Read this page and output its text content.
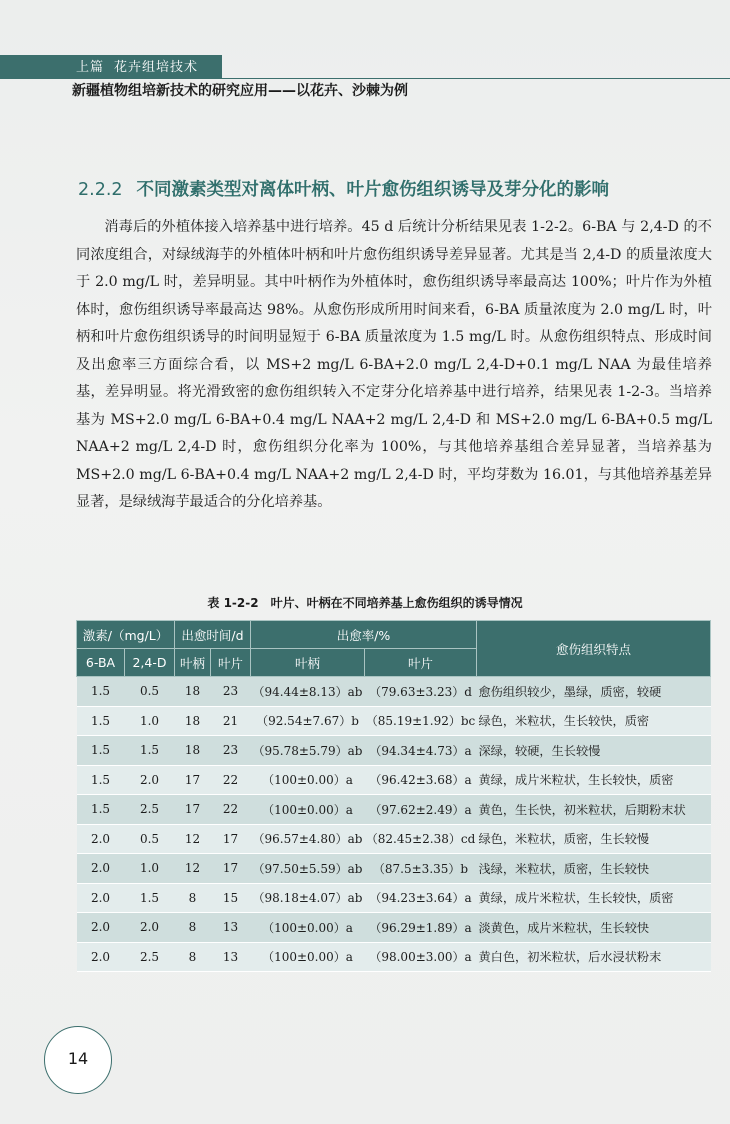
上篇 花卉组培技术
新疆植物组培新技术的研究应用——以花卉、沙棘为例
2.2.2 不同激素类型对离体叶柄、叶片愈伤组织诱导及芽分化的影响

消毒后的外植体接入培养基中进行培养。45 d 后统计分析结果见表 1-2-2。6-BA 与 2,4-D 的不同浓度组合，对绿绒海芋的外植体叶柄和叶片愈伤组织诱导差异显著。尤其是当 2,4-D 的质量浓度大于 2.0 mg/L 时，差异明显。其中叶柄作为外植体时，愈伤组织诱导率最高达 100%；叶片作为外植体时，愈伤组织诱导率最高达 98%。从愈伤形成所用时间来看，6-BA 质量浓度为 2.0 mg/L 时，叶柄和叶片愈伤组织诱导的时间明显短于 6-BA 质量浓度为 1.5 mg/L 时。从愈伤组织特点、形成时间及出愈率三方面综合看，以 MS+2 mg/L 6-BA+2.0 mg/L 2,4-D+0.1 mg/L NAA 为最佳培养基，差异明显。将光滑致密的愈伤组织转入不定芽分化培养基中进行培养，结果见表 1-2-3。当培养基为 MS+2.0 mg/L 6-BA+0.4 mg/L NAA+2 mg/L 2,4-D 和 MS+2.0 mg/L 6-BA+0.5 mg/L NAA+2 mg/L 2,4-D 时，愈伤组织分化率为 100%，与其他培养基组合差异显著，当培养基为 MS+2.0 mg/L 6-BA+0.4 mg/L NAA+2 mg/L 2,4-D 时，平均芽数为 16.01，与其他培养基差异显著，是绿绒海芋最适合的分化培养基。

表 1-2-2　叶片、叶柄在不同培养基上愈伤组织的诱导情况
激素/（mg/L）		出愈时间/d		出愈率/%		愈伤组织特点
6-BA	2,4-D	叶柄	叶片	叶柄	叶片	
1.5	0.5	18	23	（94.44±8.13）ab	（79.63±3.23）d	愈伤组织较少，墨绿，质密，较硬
1.5	1.0	18	21	（92.54±7.67）b	（85.19±1.92）bc	绿色，米粒状，生长较快，质密
1.5	1.5	18	23	（95.78±5.79）ab	（94.34±4.73）a	深绿，较硬，生长较慢
1.5	2.0	17	22	（100±0.00）a	（96.42±3.68）a	黄绿，成片米粒状，生长较快，质密
1.5	2.5	17	22	（100±0.00）a	（97.62±2.49）a	黄色，生长快，初米粒状，后期粉末状
2.0	0.5	12	17	（96.57±4.80）ab	（82.45±2.38）cd	绿色，米粒状，质密，生长较慢
2.0	1.0	12	17	（97.50±5.59）ab	（87.5±3.35）b	浅绿，米粒状，质密，生长较快
2.0	1.5	8	15	（98.18±4.07）ab	（94.23±3.64）a	黄绿，成片米粒状，生长较快，质密
2.0	2.0	8	13	（100±0.00）a	（96.29±1.89）a	淡黄色，成片米粒状，生长较快
2.0	2.5	8	13	（100±0.00）a	（98.00±3.00）a	黄白色，初米粒状，后水浸状粉末
14
